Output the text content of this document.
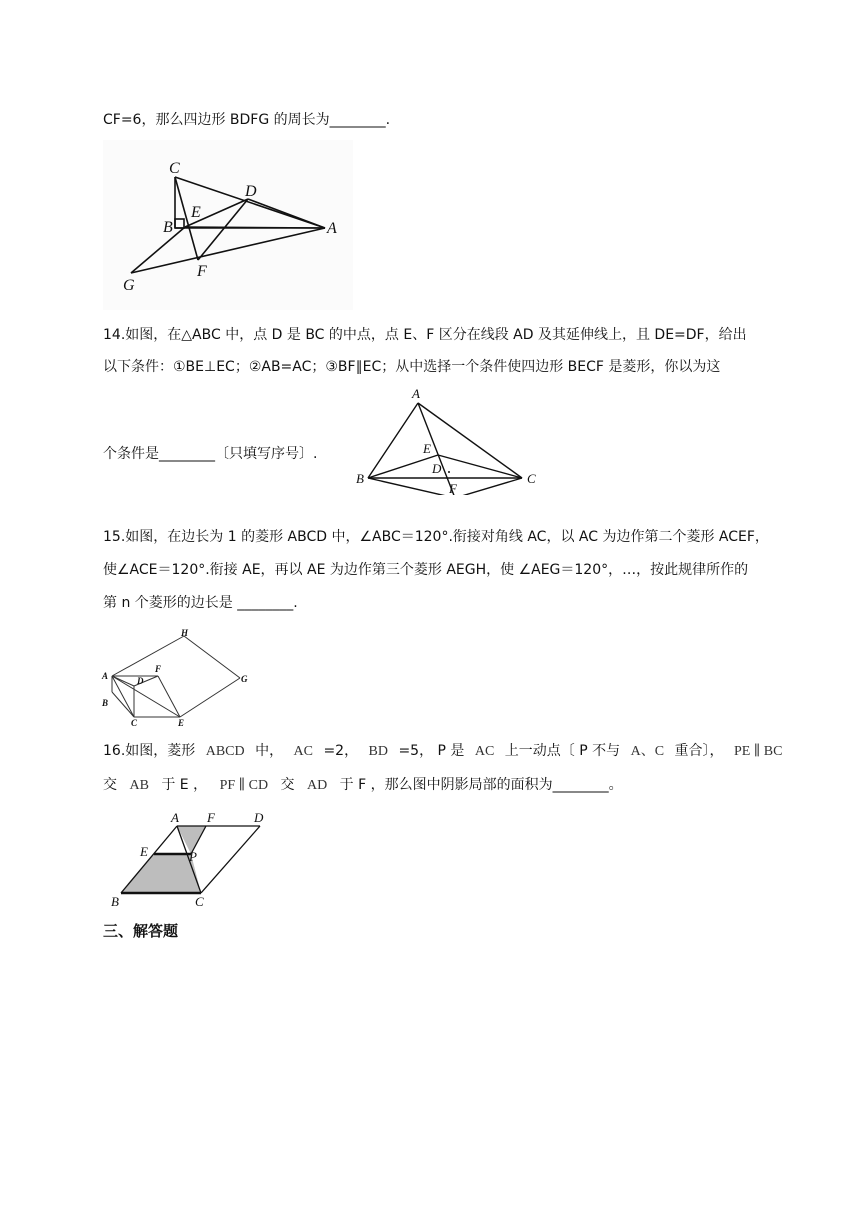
CF=6，那么四边形 BDFG 的周长为________.
C
D
B
E
A
G
F
14.如图，在△ABC 中，点 D 是 BC 的中点，点 E、F 区分在线段 AD 及其延伸线上，且 DE=DF，给出
以下条件：①BE⊥EC；②AB=AC；③BF∥EC；从中选择一个条件使四边形 BECF 是菱形，你以为这
个条件是________〔只填写序号〕.
A
E
D
B	C
F
15.如图，在边长为 1 的菱形 ABCD 中，∠ABC＝120°.衔接对角线 AC，以 AC 为边作第二个菱形 ACEF，
使∠ACE＝120°.衔接 AE，再以 AE 为边作第三个菱形 AEGH，使 ∠AEG＝120°，…，按此规律所作的
第 n 个菱形的边长是 ________.
H
F
D
A	G
B
C	E
16.如图，菱形 ABCD 中， AC =2， BD =5， P 是 AC 上一动点〔 P 不与 A、C 重合〕， PE ∥ BC
交 AB 于 E ， PF ∥ CD 交 AD 于 F ，那么图中阴影局部的面积为________。
A F	D
E	P
B	C
三、解答题
